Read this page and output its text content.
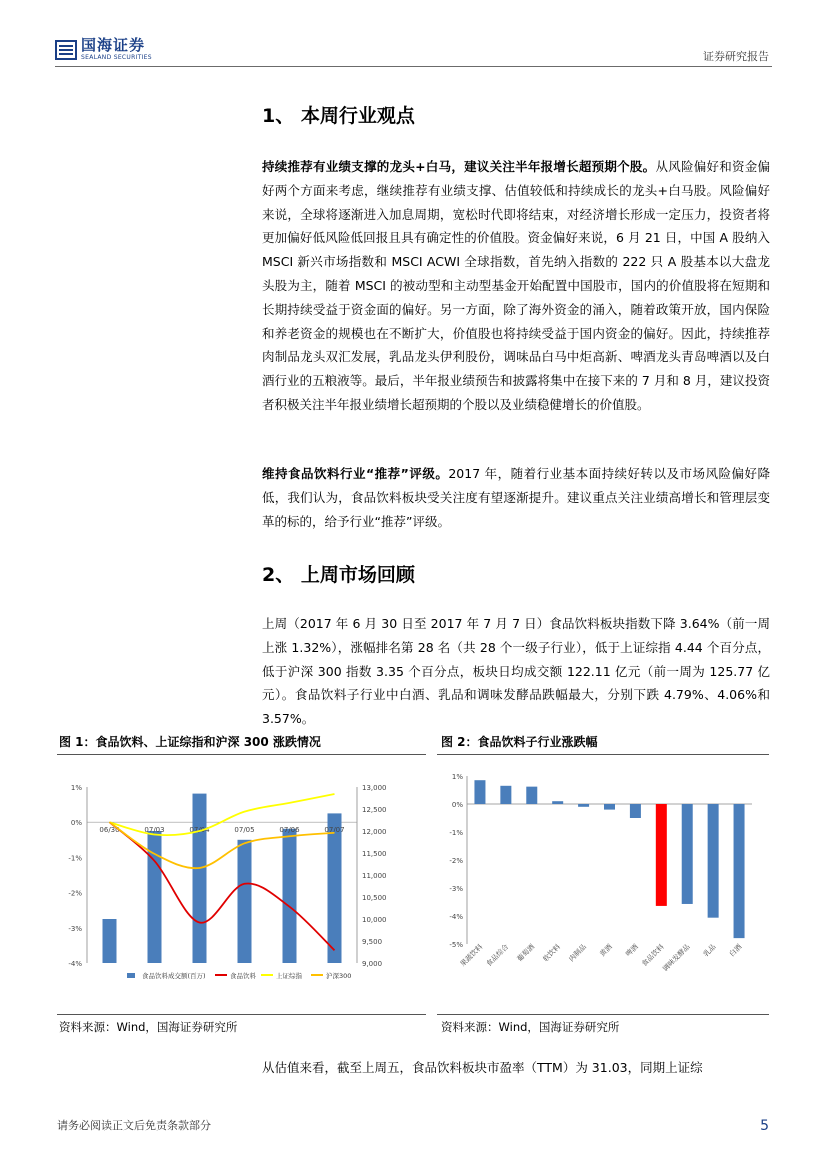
国海证券
SEALAND SECURITIES	证券研究报告
1、 本周行业观点
持续推荐有业绩支撑的龙头+白马，建议关注半年报增长超预期个股。从风险偏好和资金偏好两个方面来考虑，继续推荐有业绩支撑、估值较低和持续成长的龙头+白马股。风险偏好来说，全球将逐渐进入加息周期，宽松时代即将结束，对经济增长形成一定压力，投资者将更加偏好低风险低回报且具有确定性的价值股。资金偏好来说，6 月 21 日，中国 A 股纳入 MSCI 新兴市场指数和 MSCI ACWI 全球指数，首先纳入指数的 222 只 A 股基本以大盘龙头股为主，随着 MSCI 的被动型和主动型基金开始配置中国股市，国内的价值股将在短期和长期持续受益于资金面的偏好。另一方面，除了海外资金的涌入，随着政策开放，国内保险和养老资金的规模也在不断扩大，价值股也将持续受益于国内资金的偏好。因此，持续推荐肉制品龙头双汇发展，乳品龙头伊利股份，调味品白马中炬高新、啤酒龙头青岛啤酒以及白酒行业的五粮液等。最后，半年报业绩预告和披露将集中在接下来的 7 月和 8 月，建议投资者积极关注半年报业绩增长超预期的个股以及业绩稳健增长的价值股。
维持食品饮料行业“推荐”评级。2017 年，随着行业基本面持续好转以及市场风险偏好降低，我们认为，食品饮料板块受关注度有望逐渐提升。建议重点关注业绩高增长和管理层变革的标的，给予行业“推荐”评级。
2、 上周市场回顾
上周（2017 年 6 月 30 日至 2017 年 7 月 7 日）食品饮料板块指数下降 3.64%（前一周上涨 1.32%），涨幅排名第 28 名（共 28 个一级子行业），低于上证综指 4.44 个百分点，低于沪深 300 指数 3.35 个百分点，板块日均成交额 122.11 亿元（前一周为 125.77 亿元）。食品饮料子行业中白酒、乳品和调味发酵品跌幅最大，分别下跌 4.79%、4.06%和 3.57%。
图 1：食品饮料、上证综指和沪深 300 涨跌情况	图 2：食品饮料子行业涨跌幅
1%
0%
-1%
-2%
-3%
-4%
13,000
12,500
12,000
11,500
11,000
10,500
10,000
9,500
9,000
06/30	07/03	07/04	07/05	07/06	07/07
食品饮料成交额(百万)	食品饮料	上证综指	沪深300
1%
0%
-1%
-2%
-3%
-4%
-5%
果蔬饮料 食品综合 葡萄酒 软饮料 肉制品 黄酒 啤酒 食品饮料
调味发酵品 乳品 白酒
资料来源：Wind，国海证券研究所	资料来源：Wind，国海证券研究所
从估值来看，截至上周五，食品饮料板块市盈率（TTM）为 31.03，同期上证综
请务必阅读正文后免责条款部分	5
